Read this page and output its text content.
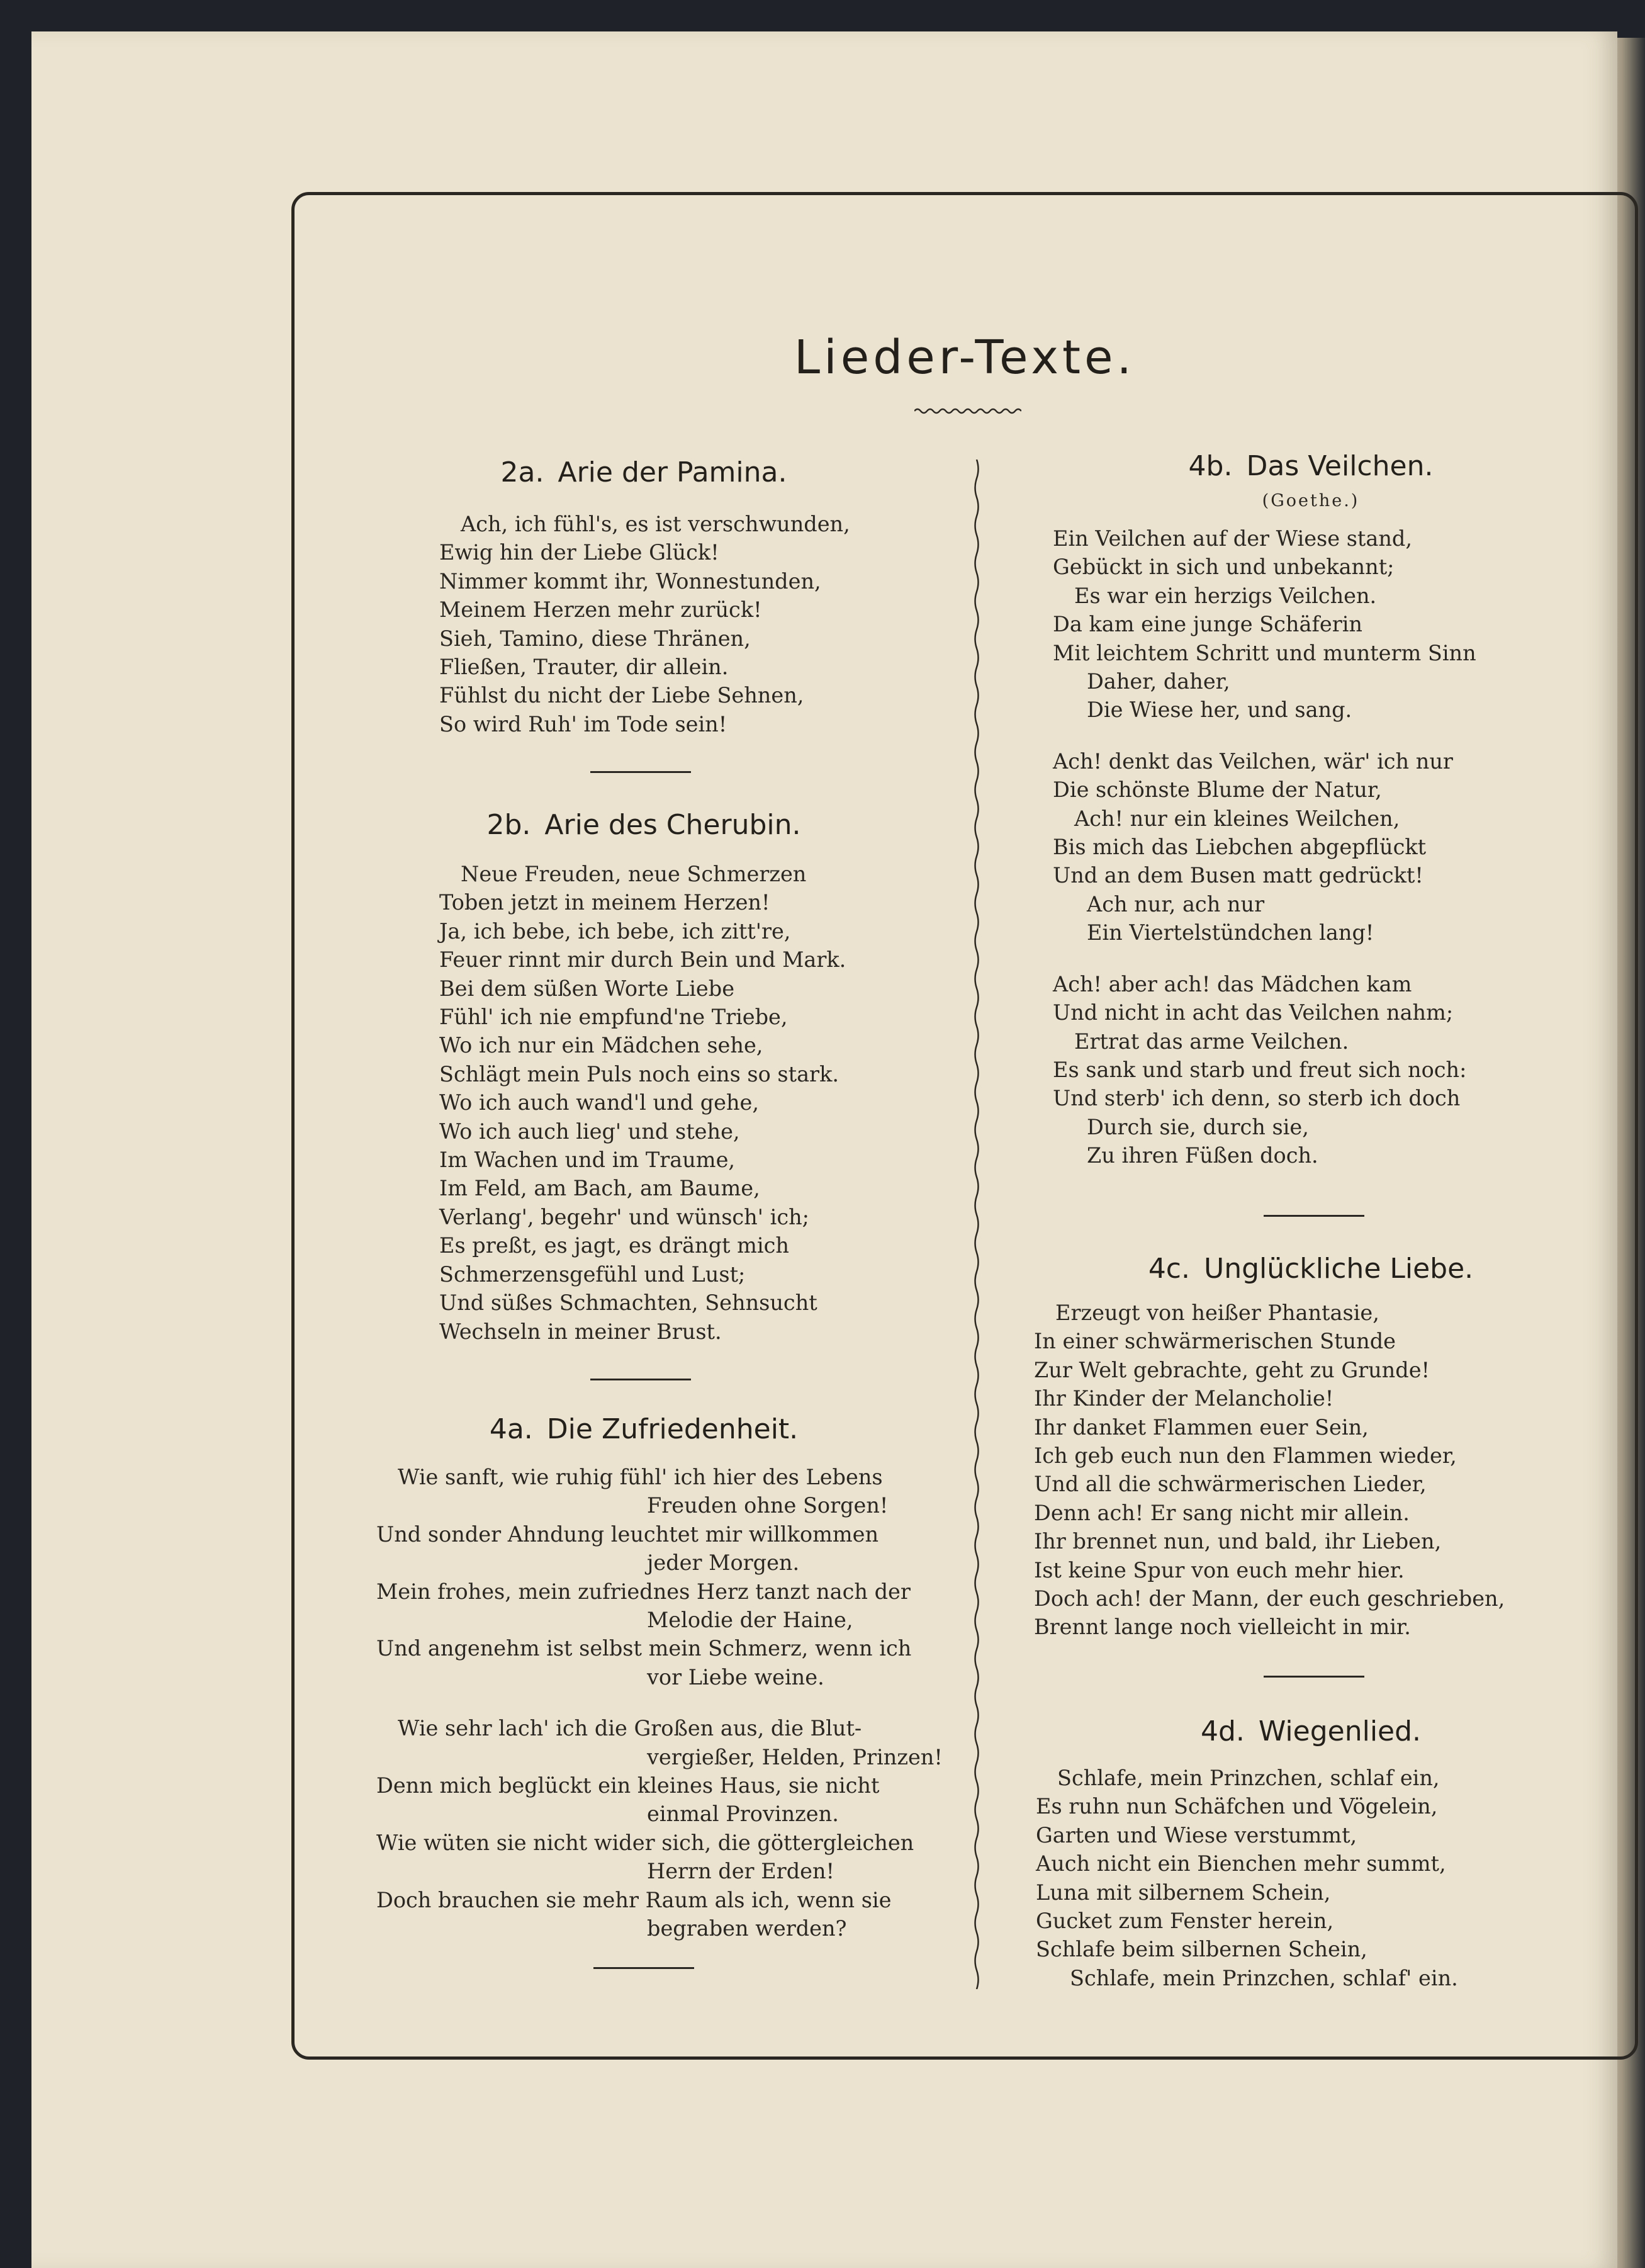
Lieder-Texte.
2a. Arie der Pamina.
Ach, ich fühl's, es ist verschwunden,
Ewig hin der Liebe Glück!
Nimmer kommt ihr, Wonnestunden,
Meinem Herzen mehr zurück!
Sieh, Tamino, diese Thränen,
Fließen, Trauter, dir allein.
Fühlst du nicht der Liebe Sehnen,
So wird Ruh' im Tode sein!
2b. Arie des Cherubin.
Neue Freuden, neue Schmerzen
Toben jetzt in meinem Herzen!
Ja, ich bebe, ich bebe, ich zitt're,
Feuer rinnt mir durch Bein und Mark.
Bei dem süßen Worte Liebe
Fühl' ich nie empfund'ne Triebe,
Wo ich nur ein Mädchen sehe,
Schlägt mein Puls noch eins so stark.
Wo ich auch wand'l und gehe,
Wo ich auch lieg' und stehe,
Im Wachen und im Traume,
Im Feld, am Bach, am Baume,
Verlang', begehr' und wünsch' ich;
Es preßt, es jagt, es drängt mich
Schmerzensgefühl und Lust;
Und süßes Schmachten, Sehnsucht
Wechseln in meiner Brust.
4a. Die Zufriedenheit.
Wie sanft, wie ruhig fühl' ich hier des Lebens
Freuden ohne Sorgen!
Und sonder Ahndung leuchtet mir willkommen
jeder Morgen.
Mein frohes, mein zufriednes Herz tanzt nach der
Melodie der Haine,
Und angenehm ist selbst mein Schmerz, wenn ich
vor Liebe weine.
Wie sehr lach' ich die Großen aus, die Blut-
vergießer, Helden, Prinzen!
Denn mich beglückt ein kleines Haus, sie nicht
einmal Provinzen.
Wie wüten sie nicht wider sich, die göttergleichen
Herrn der Erden!
Doch brauchen sie mehr Raum als ich, wenn sie
begraben werden?
4b. Das Veilchen.
(Goethe.)
Ein Veilchen auf der Wiese stand,
Gebückt in sich und unbekannt;
Es war ein herzigs Veilchen.
Da kam eine junge Schäferin
Mit leichtem Schritt und munterm Sinn
Daher, daher,
Die Wiese her, und sang.
Ach! denkt das Veilchen, wär' ich nur
Die schönste Blume der Natur,
Ach! nur ein kleines Weilchen,
Bis mich das Liebchen abgepflückt
Und an dem Busen matt gedrückt!
Ach nur, ach nur
Ein Viertelstündchen lang!
Ach! aber ach! das Mädchen kam
Und nicht in acht das Veilchen nahm;
Ertrat das arme Veilchen.
Es sank und starb und freut sich noch:
Und sterb' ich denn, so sterb ich doch
Durch sie, durch sie,
Zu ihren Füßen doch.
4c. Unglückliche Liebe.
Erzeugt von heißer Phantasie,
In einer schwärmerischen Stunde
Zur Welt gebrachte, geht zu Grunde!
Ihr Kinder der Melancholie!
Ihr danket Flammen euer Sein,
Ich geb euch nun den Flammen wieder,
Und all die schwärmerischen Lieder,
Denn ach! Er sang nicht mir allein.
Ihr brennet nun, und bald, ihr Lieben,
Ist keine Spur von euch mehr hier.
Doch ach! der Mann, der euch geschrieben,
Brennt lange noch vielleicht in mir.
4d. Wiegenlied.
Schlafe, mein Prinzchen, schlaf ein,
Es ruhn nun Schäfchen und Vögelein,
Garten und Wiese verstummt,
Auch nicht ein Bienchen mehr summt,
Luna mit silbernem Schein,
Gucket zum Fenster herein,
Schlafe beim silbernen Schein,
Schlafe, mein Prinzchen, schlaf' ein.
